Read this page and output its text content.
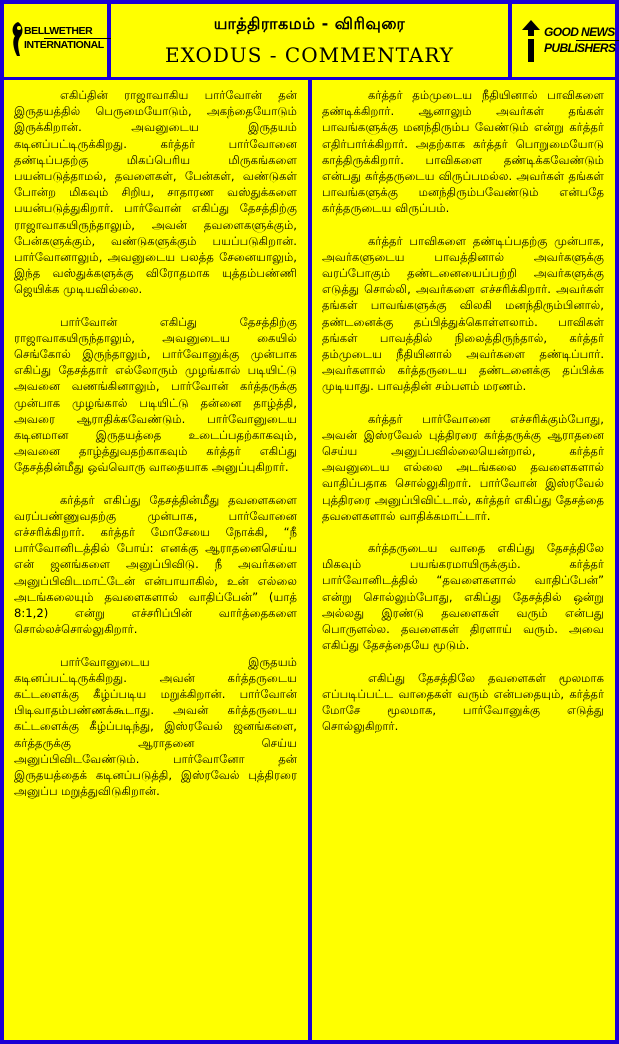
BELLWETHER
INTERNATIONAL
யாத்திராகமம் - விரிவுரை
EXODUS - COMMENTARY
GOOD NEWS
PUBLISHERS

எகிப்தின் ராஜாவாகிய பார்வோன் தன் இருதயத்தில் பெருமையோடும், அகந்தையோடும் இருக்கிறான். அவனுடைய இருதயம் கடினப்பட்டிருக்கிறது. கர்த்தர் பார்வோனை தண்டிப்பதற்கு மிகப்பெரிய மிருகங்களை பயன்படுத்தாமல், தவளைகள், பேன்கள், வண்டுகள் போன்ற மிகவும் சிறிய, சாதாரண வஸ்துக்களை பயன்படுத்துகிறார். பார்வோன் எகிப்து தேசத்திற்கு ராஜாவாகயிருந்தாலும், அவன் தவளைகளுக்கும், பேன்களுக்கும், வண்டுகளுக்கும் பயப்படுகிறான். பார்வோனாலும், அவனுடைய பலத்த சேனையாலும், இந்த வஸ்துக்களுக்கு விரோதமாக யுத்தம்பண்ணி ஜெயிக்க முடியவில்லை.

பார்வோன் எகிப்து தேசத்திற்கு ராஜாவாகயிருந்தாலும், அவனுடைய கையில் செங்கோல் இருந்தாலும், பார்வோனுக்கு முன்பாக எகிப்து தேசத்தார் எல்லோரும் முழங்கால் படியிட்டு அவனை வணங்கினாலும், பார்வோன் கர்த்தருக்கு முன்பாக முழங்கால் படியிட்டு தன்னை தாழ்த்தி, அவரை ஆராதிக்கவேண்டும். பார்வோனுடைய கடினமான இருதயத்தை உடைப்பதற்காகவும், அவனை தாழ்த்துவதற்காகவும் கர்த்தர் எகிப்து தேசத்தின்மீது ஒவ்வொரு வாதையாக அனுப்புகிறார்.

கர்த்தர் எகிப்து தேசத்தின்மீது தவளைகளை வரப்பண்ணுவதற்கு முன்பாக, பார்வோனை எச்சரிக்கிறார். கர்த்தர் மோசேயை நோக்கி, “நீ பார்வோனிடத்தில் போய்: எனக்கு ஆராதனைசெய்ய என் ஜனங்களை அனுப்பிவிடு. நீ அவர்களை அனுப்பிவிடமாட்டேன் என்பாயாகில், உன் எல்லை அடங்கலையும் தவளைகளால் வாதிப்பேன்” (யாத் 8:1,2) என்று எச்சரிப்பின் வார்த்தைகளை சொல்லச்சொல்லுகிறார்.

பார்வோனுடைய இருதயம் கடினப்பட்டிருக்கிறது. அவன் கர்த்தருடைய கட்டளைக்கு கீழ்ப்படிய மறுக்கிறான். பார்வோன் பிடிவாதம்பண்ணக்கூடாது. அவன் கர்த்தருடைய கட்டளைக்கு கீழ்ப்படிந்து, இஸ்ரவேல் ஜனங்களை, கர்த்தருக்கு ஆராதனை செய்ய அனுப்பிவிடவேண்டும். பார்வோனோ தன் இருதயத்தைக் கடினப்படுத்தி, இஸ்ரவேல் புத்திரரை அனுப்ப மறுத்துவிடுகிறான்.

கர்த்தர் தம்முடைய நீதியினால் பாவிகளை தண்டிக்கிறார். ஆனாலும் அவர்கள் தங்கள் பாவங்களுக்கு மனந்திரும்ப வேண்டும் என்று கர்த்தர் எதிர்பார்க்கிறார். அதற்காக கர்த்தர் பொறுமையோடு காத்திருக்கிறார். பாவிகளை தண்டிக்கவேண்டும் என்பது கர்த்தருடைய விருப்பமல்ல. அவர்கள் தங்கள் பாவங்களுக்கு மனந்திரும்பவேண்டும் என்பதே கர்த்தருடைய விருப்பம்.

கர்த்தர் பாவிகளை தண்டிப்பதற்கு முன்பாக, அவர்களுடைய பாவத்தினால் அவர்களுக்கு வரப்போகும் தண்டனையைப்பற்றி அவர்களுக்கு எடுத்து சொல்லி, அவர்களை எச்சரிக்கிறார். அவர்கள் தங்கள் பாவங்களுக்கு விலகி மனந்திரும்பினால், தண்டனைக்கு தப்பித்துக்கொள்ளலாம். பாவிகள் தங்கள் பாவத்தில் நிலைத்திருந்தால், கர்த்தர் தம்முடைய நீதியினால் அவர்களை தண்டிப்பார். அவர்களால் கர்த்தருடைய தண்டனைக்கு தப்பிக்க முடியாது. பாவத்தின் சம்பளம் மரணம்.

கர்த்தர் பார்வோனை எச்சரிக்கும்போது, அவன் இஸ்ரவேல் புத்திரரை கர்த்தருக்கு ஆராதனை செய்ய அனுப்பவில்லையென்றால், கர்த்தர் அவனுடைய எல்லை அடங்கலை தவளைகளால் வாதிப்பதாக சொல்லுகிறார். பார்வோன் இஸ்ரவேல் புத்திரரை அனுப்பிவிட்டால், கர்த்தர் எகிப்து தேசத்தை தவளைகளால் வாதிக்கமாட்டார்.

கர்த்தருடைய வாதை எகிப்து தேசத்திலே மிகவும் பயங்கரமாயிருக்கும். கர்த்தர் பார்வோனிடத்தில் “தவளைகளால் வாதிப்பேன்” என்று சொல்லும்போது, எகிப்து தேசத்தில் ஒன்று அல்லது இரண்டு தவளைகள் வரும் என்பது பொருளல்ல. தவளைகள் திரளாய் வரும். அவை எகிப்து தேசத்தையே மூடும்.

எகிப்து தேசத்திலே தவளைகள் மூலமாக எப்படிப்பட்ட வாதைகள் வரும் என்பதையும், கர்த்தர் மோசே மூலமாக, பார்வோனுக்கு எடுத்து சொல்லுகிறார்.
